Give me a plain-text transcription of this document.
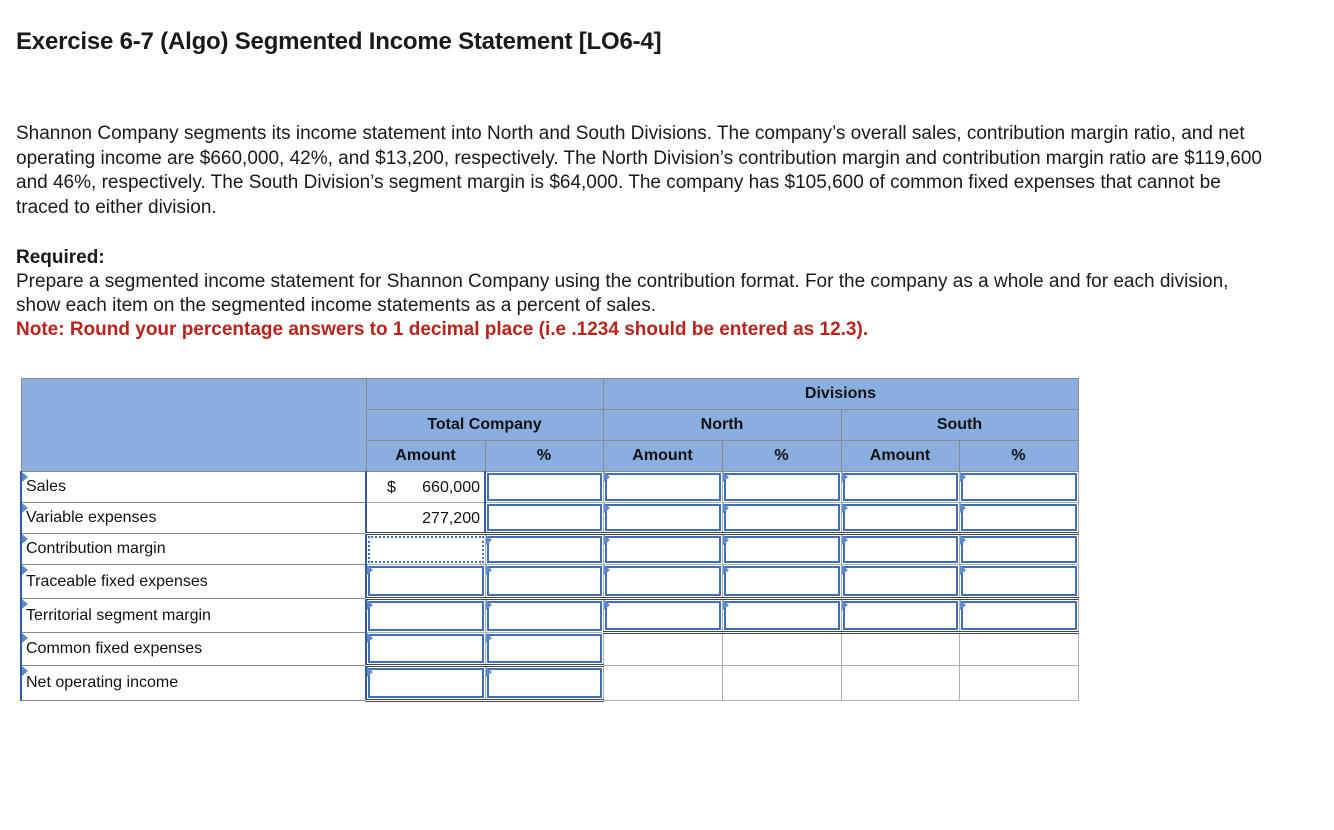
Exercise 6-7 (Algo) Segmented Income Statement [LO6-4]

Shannon Company segments its income statement into North and South Divisions. The company’s overall sales, contribution margin ratio, and net operating income are $660,000, 42%, and $13,200, respectively. The North Division’s contribution margin and contribution margin ratio are $119,600 and 46%, respectively. The South Division’s segment margin is $64,000. The company has $105,600 of common fixed expenses that cannot be traced to either division.

Required:
Prepare a segmented income statement for Shannon Company using the contribution format. For the company as a whole and for each division, show each item on the segmented income statements as a percent of sales.
Note: Round your percentage answers to 1 decimal place (i.e .1234 should be entered as 12.3).
			Divisions			
	Total Company		North		South	
	Amount	%	Amount	%	Amount	%

Sales	$ 660,000					

Variable expenses	277,200					

Contribution margin	

Traceable fixed expenses	

Territorial segment margin	

Common fixed expenses	

Net operating income	
